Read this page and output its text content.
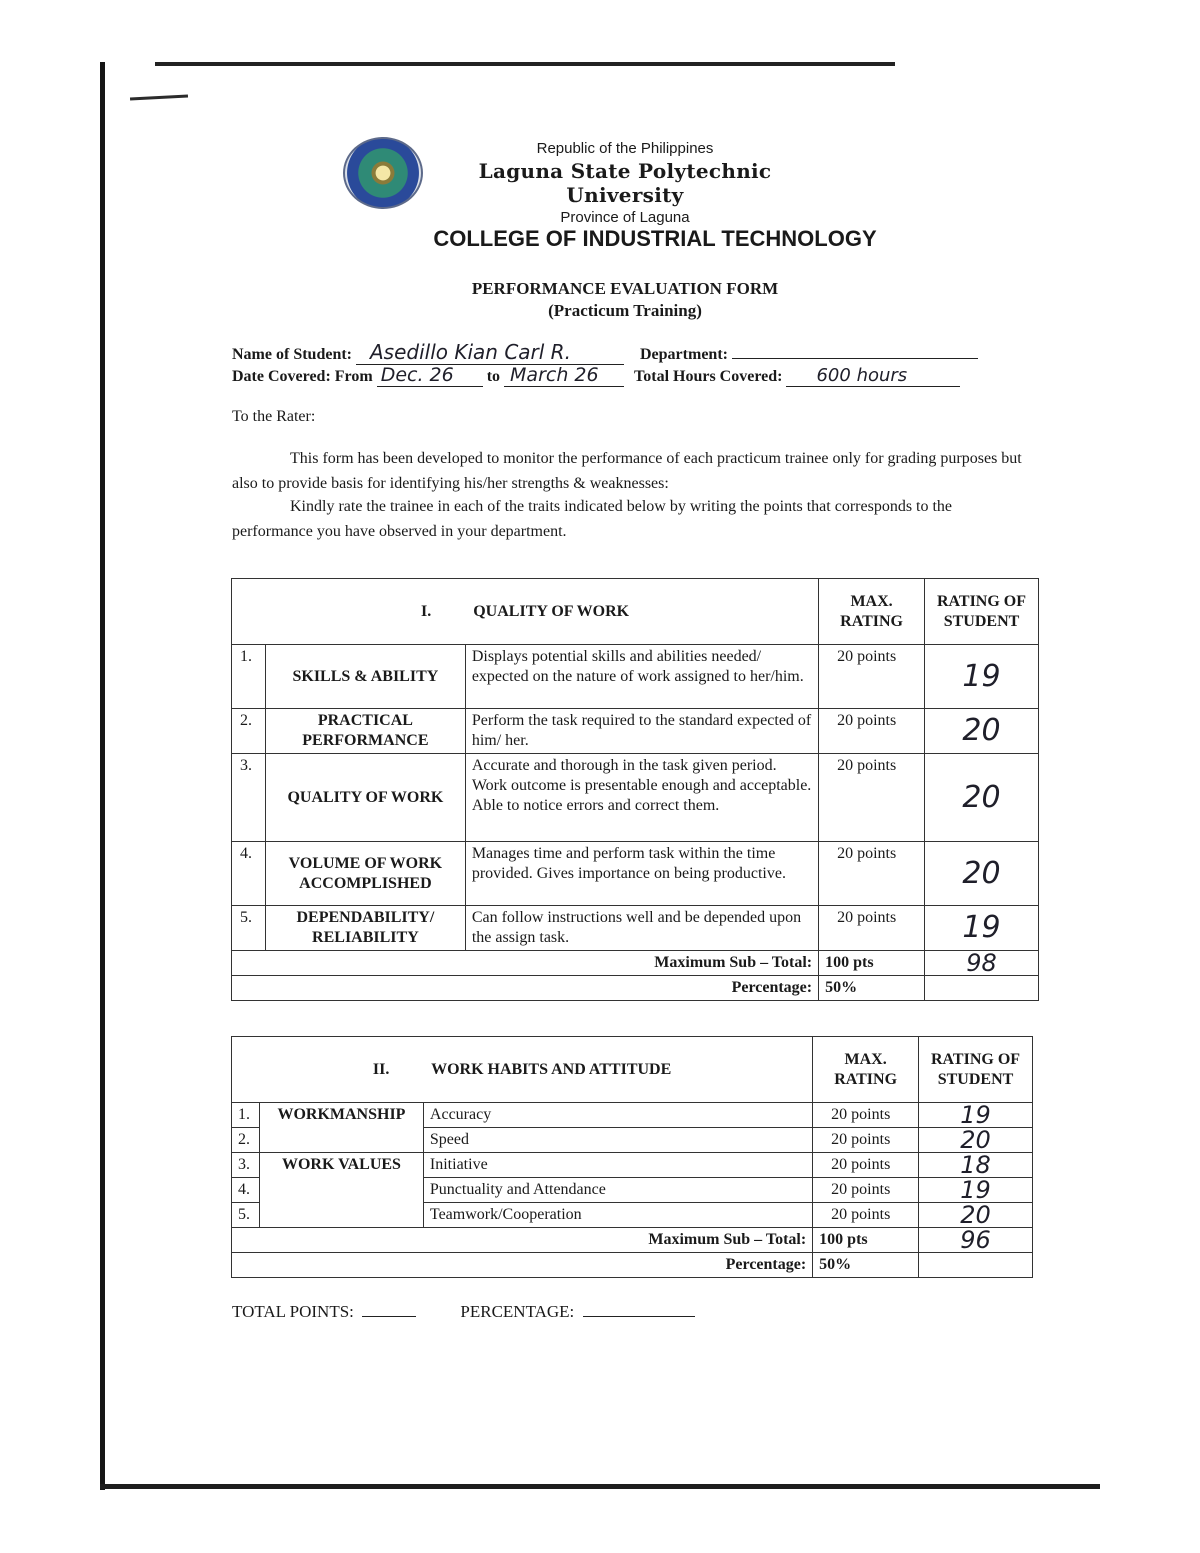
Republic of the Philippines
Laguna State Polytechnic University
Province of Laguna
COLLEGE OF INDUSTRIAL TECHNOLOGY
PERFORMANCE EVALUATION FORM
(Practicum Training)
Name of Student: Asedillo Kian Carl R.	Department:
Date Covered: From Dec. 26 to March 26 Total Hours Covered: 600 hours
To the Rater:
This form has been developed to monitor the performance of each practicum trainee only for grading purposes but also to provide basis for identifying his/her strengths & weaknesses:
Kindly rate the trainee in each of the traits indicated below by writing the points that corresponds to the performance you have observed in your department.
I. QUALITY OF WORK			MAX. RATING	RATING OF STUDENT
1.	SKILLS & ABILITY	Displays potential skills and abilities needed/ expected on the nature of work assigned to her/him.	20 points	19
2.	PRACTICAL PERFORMANCE	Perform the task required to the standard expected of him/ her.	20 points	20
3.	QUALITY OF WORK	Accurate and thorough in the task given period. Work outcome is presentable enough and acceptable. Able to notice errors and correct them.	20 points	20
4.	VOLUME OF WORK ACCOMPLISHED	Manages time and perform task within the time provided. Gives importance on being productive.	20 points	20
5.	DEPENDABILITY/ RELIABILITY	Can follow instructions well and be depended upon the assign task.	20 points	19
Maximum Sub – Total:			100 pts	98
Percentage:			50%	
II. WORK HABITS AND ATTITUDE			MAX. RATING	RATING OF STUDENT
1.	WORKMANSHIP	Accuracy	20 points	19
2.		Speed	20 points	20
3.	WORK VALUES	Initiative	20 points	18
4.		Punctuality and Attendance	20 points	19
5.		Teamwork/Cooperation	20 points	20
Maximum Sub – Total:			100 pts	96
Percentage:			50%	
TOTAL POINTS:	PERCENTAGE:
